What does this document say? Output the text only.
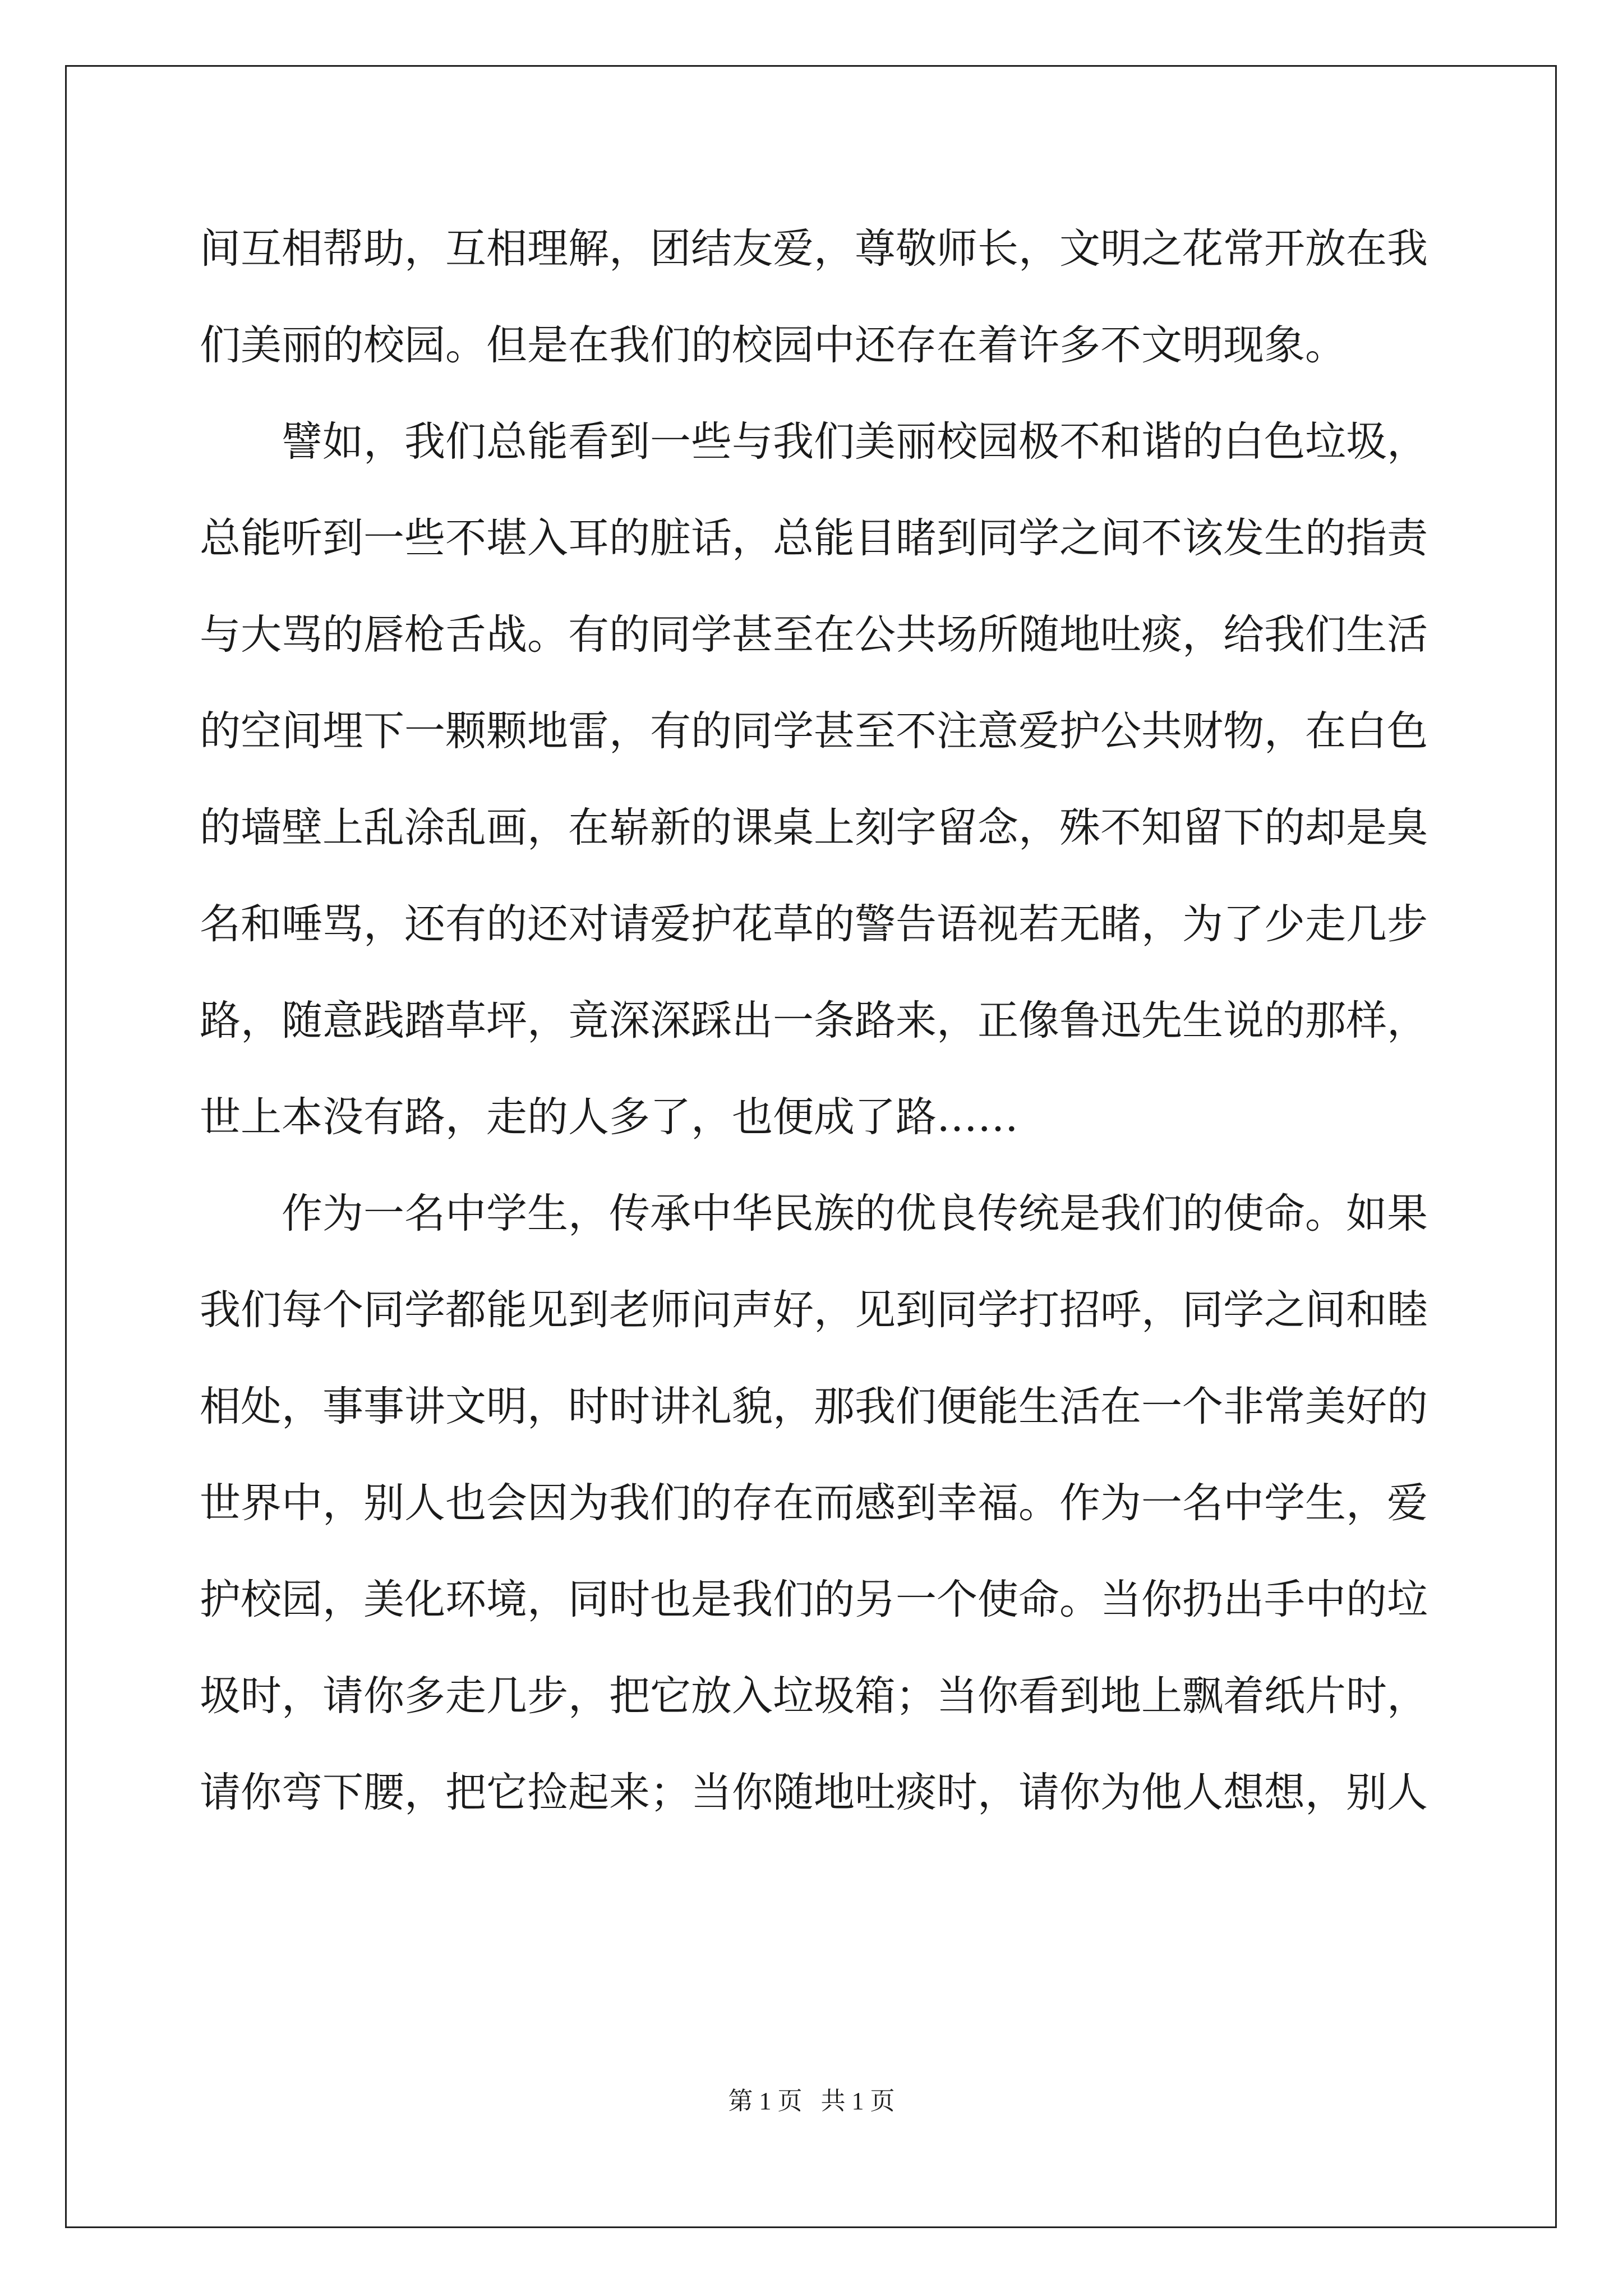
间互相帮助，互相理解，团结友爱，尊敬师长，文明之花常开放在我
们美丽的校园。但是在我们的校园中还存在着许多不文明现象。
　　譬如，我们总能看到一些与我们美丽校园极不和谐的白色垃圾，
总能听到一些不堪入耳的脏话，总能目睹到同学之间不该发生的指责
与大骂的唇枪舌战。有的同学甚至在公共场所随地吐痰，给我们生活
的空间埋下一颗颗地雷，有的同学甚至不注意爱护公共财物，在白色
的墙壁上乱涂乱画，在崭新的课桌上刻字留念，殊不知留下的却是臭
名和唾骂，还有的还对请爱护花草的警告语视若无睹，为了少走几步
路，随意践踏草坪，竟深深踩出一条路来，正像鲁迅先生说的那样，
世上本没有路，走的人多了，也便成了路……
　　作为一名中学生，传承中华民族的优良传统是我们的使命。如果
我们每个同学都能见到老师问声好，见到同学打招呼，同学之间和睦
相处，事事讲文明，时时讲礼貌，那我们便能生活在一个非常美好的
世界中，别人也会因为我们的存在而感到幸福。作为一名中学生，爱
护校园，美化环境，同时也是我们的另一个使命。当你扔出手中的垃
圾时，请你多走几步，把它放入垃圾箱；当你看到地上飘着纸片时，
请你弯下腰，把它捡起来；当你随地吐痰时，请你为他人想想，别人
第 1 页 共 1 页
